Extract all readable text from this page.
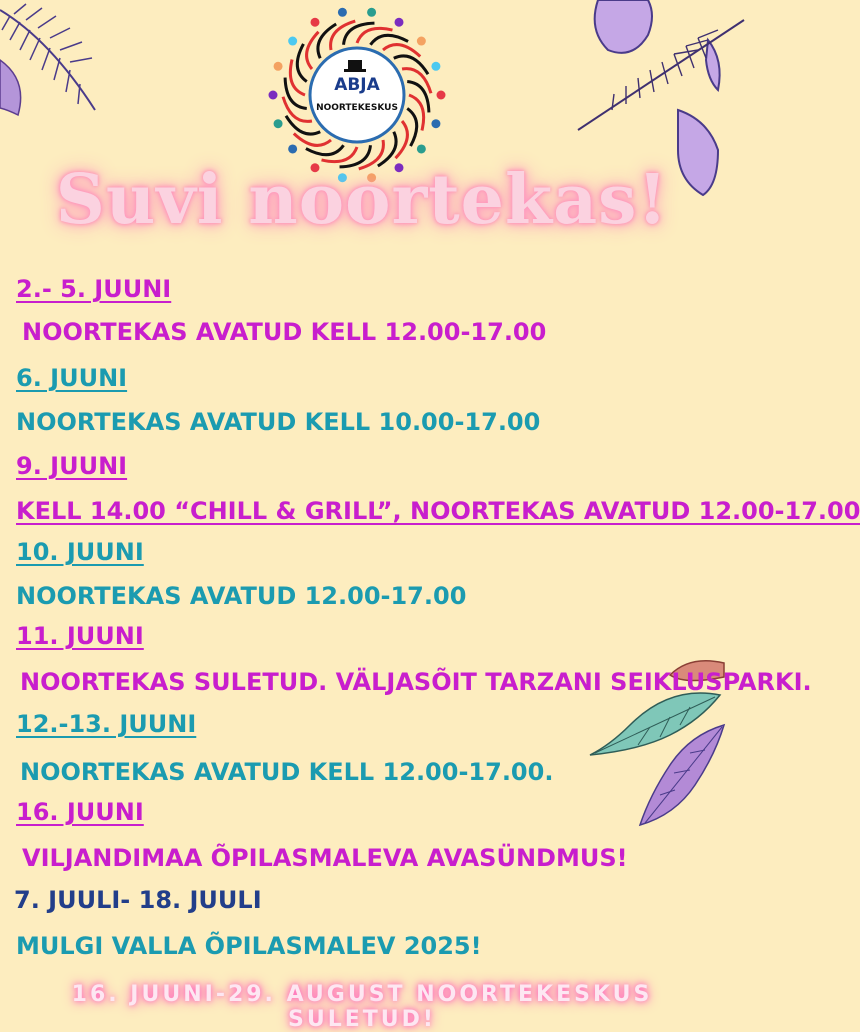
ABJA
NOORTEKESKUS
Suvi noortekas!
2.- 5. JUUNI
NOORTEKAS AVATUD KELL 12.00-17.00
6. JUUNI
NOORTEKAS AVATUD KELL 10.00-17.00
9. JUUNI
KELL 14.00 “CHILL & GRILL”, NOORTEKAS AVATUD 12.00-17.00
10. JUUNI
NOORTEKAS AVATUD 12.00-17.00
11. JUUNI
NOORTEKAS SULETUD. VÄLJASÕIT TARZANI SEIKLUSPARKI.
12.-13. JUUNI
NOORTEKAS AVATUD KELL 12.00-17.00.
16. JUUNI
VILJANDIMAA ÕPILASMALEVA AVASÜNDMUS!
7. JUULI- 18. JUULI
MULGI VALLA ÕPILASMALEV 2025!
16. JUUNI-29. AUGUST NOORTEKESKUS SULETUD!
